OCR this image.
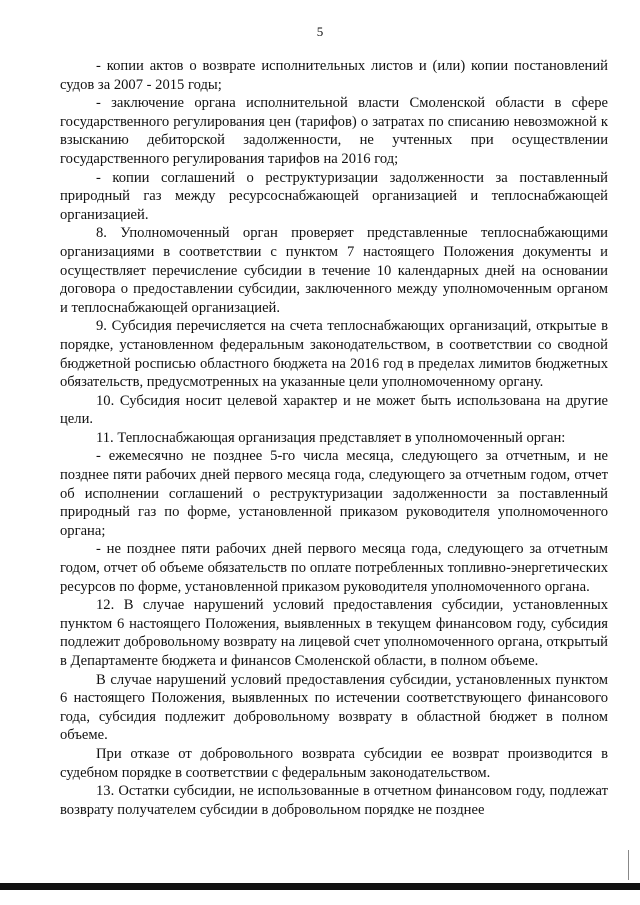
5

- копии актов о возврате исполнительных листов и (или) копии постановлений судов за 2007 - 2015 годы;

- заключение органа исполнительной власти Смоленской области в сфере государственного регулирования цен (тарифов) о затратах по списанию невозможной к взысканию дебиторской задолженности, не учтенных при осуществлении государственного регулирования тарифов на 2016 год;

- копии соглашений о реструктуризации задолженности за поставленный природный газ между ресурсоснабжающей организацией и теплоснабжающей организацией.

8. Уполномоченный орган проверяет представленные теплоснабжающими организациями в соответствии с пунктом 7 настоящего Положения документы и осуществляет перечисление субсидии в течение 10 календарных дней на основании договора о предоставлении субсидии, заключенного между уполномоченным органом и теплоснабжающей организацией.

9. Субсидия перечисляется на счета теплоснабжающих организаций, открытые в порядке, установленном федеральным законодательством, в соответствии со сводной бюджетной росписью областного бюджета на 2016 год в пределах лимитов бюджетных обязательств, предусмотренных на указанные цели уполномоченному органу.

10. Субсидия носит целевой характер и не может быть использована на другие цели.

11. Теплоснабжающая организация представляет в уполномоченный орган:

- ежемесячно не позднее 5-го числа месяца, следующего за отчетным, и не позднее пяти рабочих дней первого месяца года, следующего за отчетным годом, отчет об исполнении соглашений о реструктуризации задолженности за поставленный природный газ по форме, установленной приказом руководителя уполномоченного органа;

- не позднее пяти рабочих дней первого месяца года, следующего за отчетным годом, отчет об объеме обязательств по оплате потребленных топливно-энергетических ресурсов по форме, установленной приказом руководителя уполномоченного органа.

12. В случае нарушений условий предоставления субсидии, установленных пунктом 6 настоящего Положения, выявленных в текущем финансовом году, субсидия подлежит добровольному возврату на лицевой счет уполномоченного органа, открытый в Департаменте бюджета и финансов Смоленской области, в полном объеме.

В случае нарушений условий предоставления субсидии, установленных пунктом 6 настоящего Положения, выявленных по истечении соответствующего финансового года, субсидия подлежит добровольному возврату в областной бюджет в полном объеме.

При отказе от добровольного возврата субсидии ее возврат производится в судебном порядке в соответствии с федеральным законодательством.

13. Остатки субсидии, не использованные в отчетном финансовом году, подлежат возврату получателем субсидии в добровольном порядке не позднее
